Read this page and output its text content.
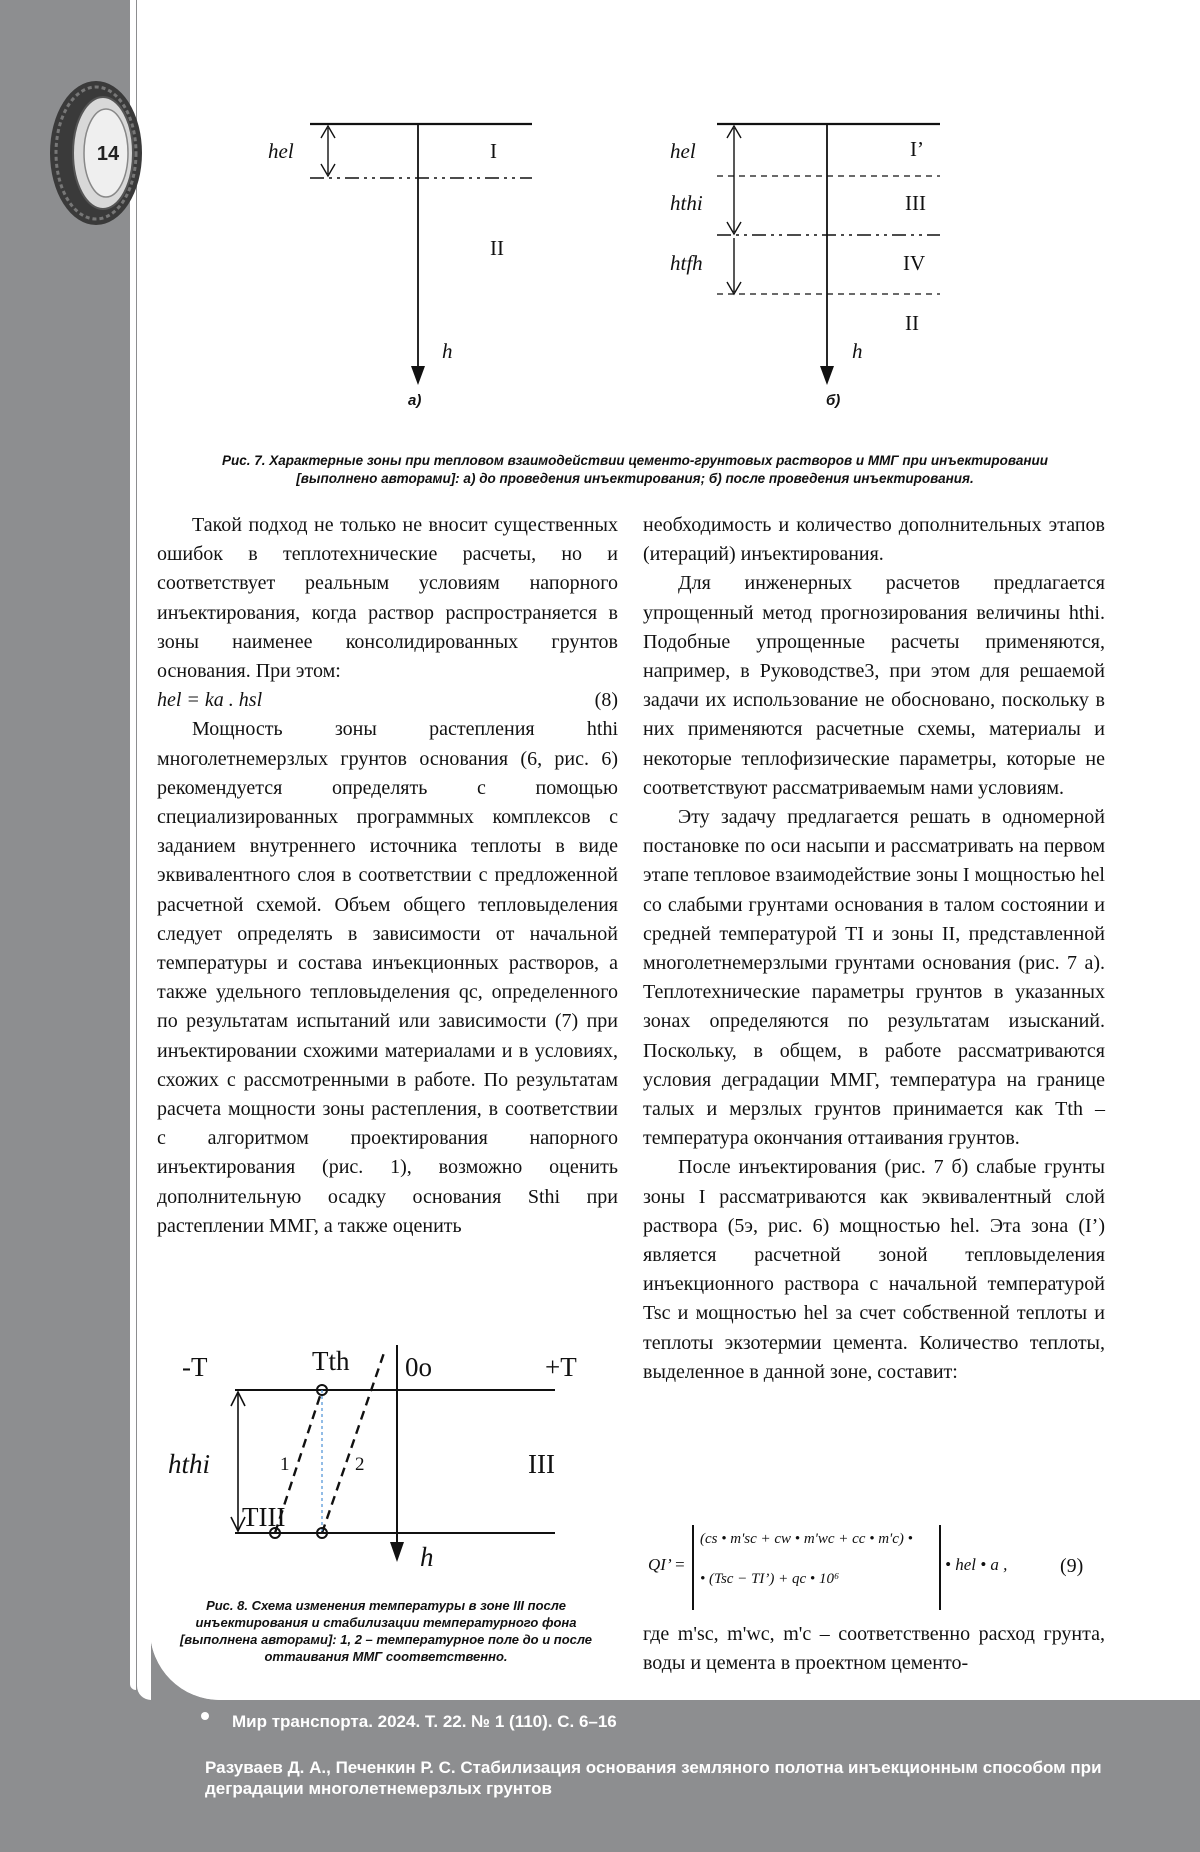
14	hel	I
II
h
а)
hel
hthi
htfh
I’
III
IV
II
h
б)
Рис. 7. Характерные зоны при тепловом взаимодействии цементо-грунтовых растворов и ММГ при инъектировании [выполнено авторами]: а) до проведения инъектирования; б) после проведения инъектирования.

Такой подход не только не вносит существенных ошибок в теплотехнические расчеты, но и соответствует реальным условиям напорного инъектирования, когда раствор распространяется в зоны наименее консолидированных грунтов основания. При этом:

hel = ka . hsl	(8)

Мощность зоны растепления hthi многолетнемерзлых грунтов основания (6, рис. 6) рекомендуется определять с помощью специализированных программных комплексов с заданием внутреннего источника теплоты в виде эквивалентного слоя в соответствии с предложенной расчетной схемой. Объем общего тепловыделения следует определять в зависимости от начальной температуры и состава инъекционных растворов, а также удельного тепловыделения qc, определенного по результатам испытаний или зависимости (7) при инъектировании схожими материалами и в условиях, схожих с рассмотренными в работе. По результатам расчета мощности зоны растепления, в соответствии с алгоритмом проектирования напорного инъектирования (рис. 1), возможно оценить дополнительную осадку основания Sthi при растеплении ММГ, а также оценить

-T	Tth 0o	+T
hthi	1	2
TIII
III
h
Рис. 8. Схема изменения температуры в зоне III после инъектирования и стабилизации температурного фона [выполнена авторами]: 1, 2 – температурное поле до и после оттаивания ММГ соответственно.

необходимость и количество дополнительных этапов (итераций) инъектирования.

Для инженерных расчетов предлагается упрощенный метод прогнозирования величины hthi. Подобные упрощенные расчеты применяются, например, в Руководстве3, при этом для решаемой задачи их использование не обосновано, поскольку в них применяются расчетные схемы, материалы и некоторые теплофизические параметры, которые не соответствуют рассматриваемым нами условиям.

Эту задачу предлагается решать в одномерной постановке по оси насыпи и рассматривать на первом этапе тепловое взаимодействие зоны I мощностью hel со слабыми грунтами основания в талом состоянии и средней температурой TI и зоны II, представленной многолетнемерзлыми грунтами основания (рис. 7 а). Теплотехнические параметры грунтов в указанных зонах определяются по результатам изысканий. Поскольку, в общем, в работе рассматриваются условия деградации ММГ, температура на границе талых и мерзлых грунтов принимается как Tth – температура окончания оттаивания грунтов.

После инъектирования (рис. 7 б) слабые грунты зоны I рассматриваются как эквивалентный слой раствора (5э, рис. 6) мощностью hel. Эта зона (I’) является расчетной зоной тепловыделения инъекционного раствора с начальной температурой Tsc и мощностью hel за счет собственной теплоты и теплоты экзотермии цемента. Количество теплоты, выделенное в данной зоне, составит:

QI’ =
(cs • m'sc + cw • m'wc + cc • m'c) •
• (Tsc − TI’) + qc • 10⁶
• hel • a ,	(9)

где m'sc, m'wc, m'c – соответственно расход грунта, воды и цемента в проектном цементо-

Мир транспорта. 2024. Т. 22. № 1 (110). С. 6–16
Разуваев Д. А., Печенкин Р. С. Стабилизация основания земляного полотна инъекционным способом при деградации многолетнемерзлых грунтов
